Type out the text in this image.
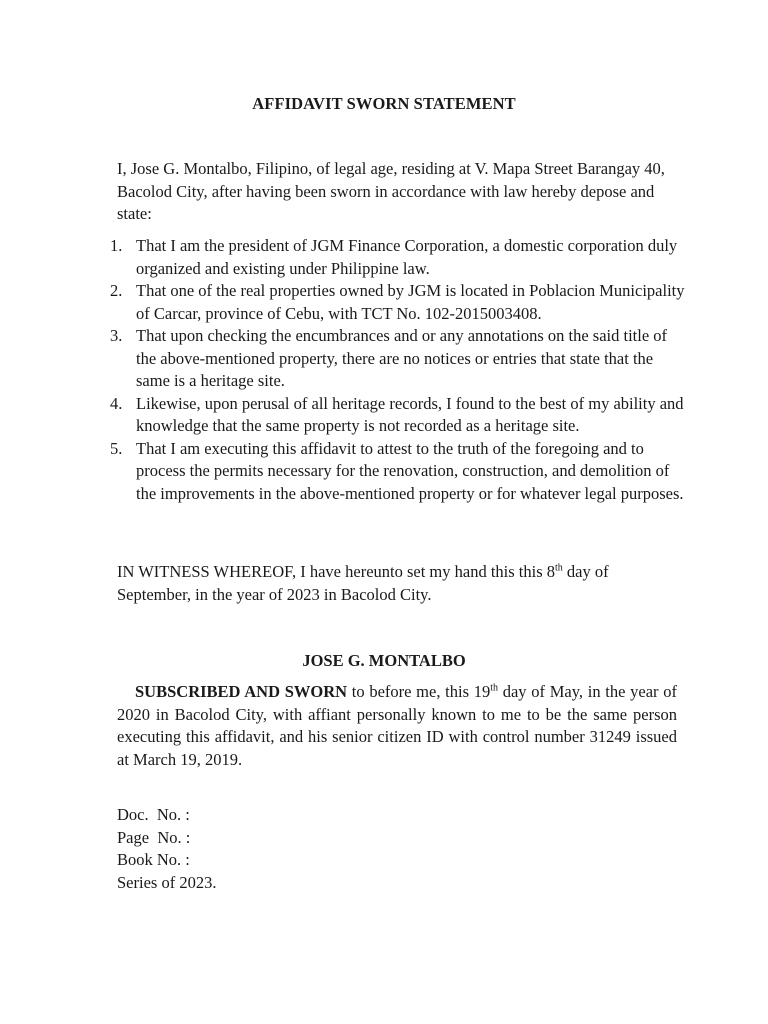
AFFIDAVIT SWORN STATEMENT

I, Jose G. Montalbo, Filipino, of legal age, residing at V. Mapa Street Barangay 40, Bacolod City, after having been sworn in accordance with law hereby depose and state:

1. That I am the president of JGM Finance Corporation, a domestic corporation duly organized and existing under Philippine law.
2. That one of the real properties owned by JGM is located in Poblacion Municipality of Carcar, province of Cebu, with TCT No. 102-2015003408.
3. That upon checking the encumbrances and or any annotations on the said title of the above-mentioned property, there are no notices or entries that state that the same is a heritage site.
4. Likewise, upon perusal of all heritage records, I found to the best of my ability and knowledge that the same property is not recorded as a heritage site.
5. That I am executing this affidavit to attest to the truth of the foregoing and to process the permits necessary for the renovation, construction, and demolition of the improvements in the above-mentioned property or for whatever legal purposes.

IN WITNESS WHEREOF, I have hereunto set my hand this this 8th day of September, in the year of 2023 in Bacolod City.

JOSE G. MONTALBO

SUBSCRIBED AND SWORN to before me, this 19th day of May, in the year of 2020 in Bacolod City, with affiant personally known to me to be the same person executing this affidavit, and his senior citizen ID with control number 31249 issued at March 19, 2019.

Doc.  No. :
Page  No. :
Book No. :
Series of 2023.
